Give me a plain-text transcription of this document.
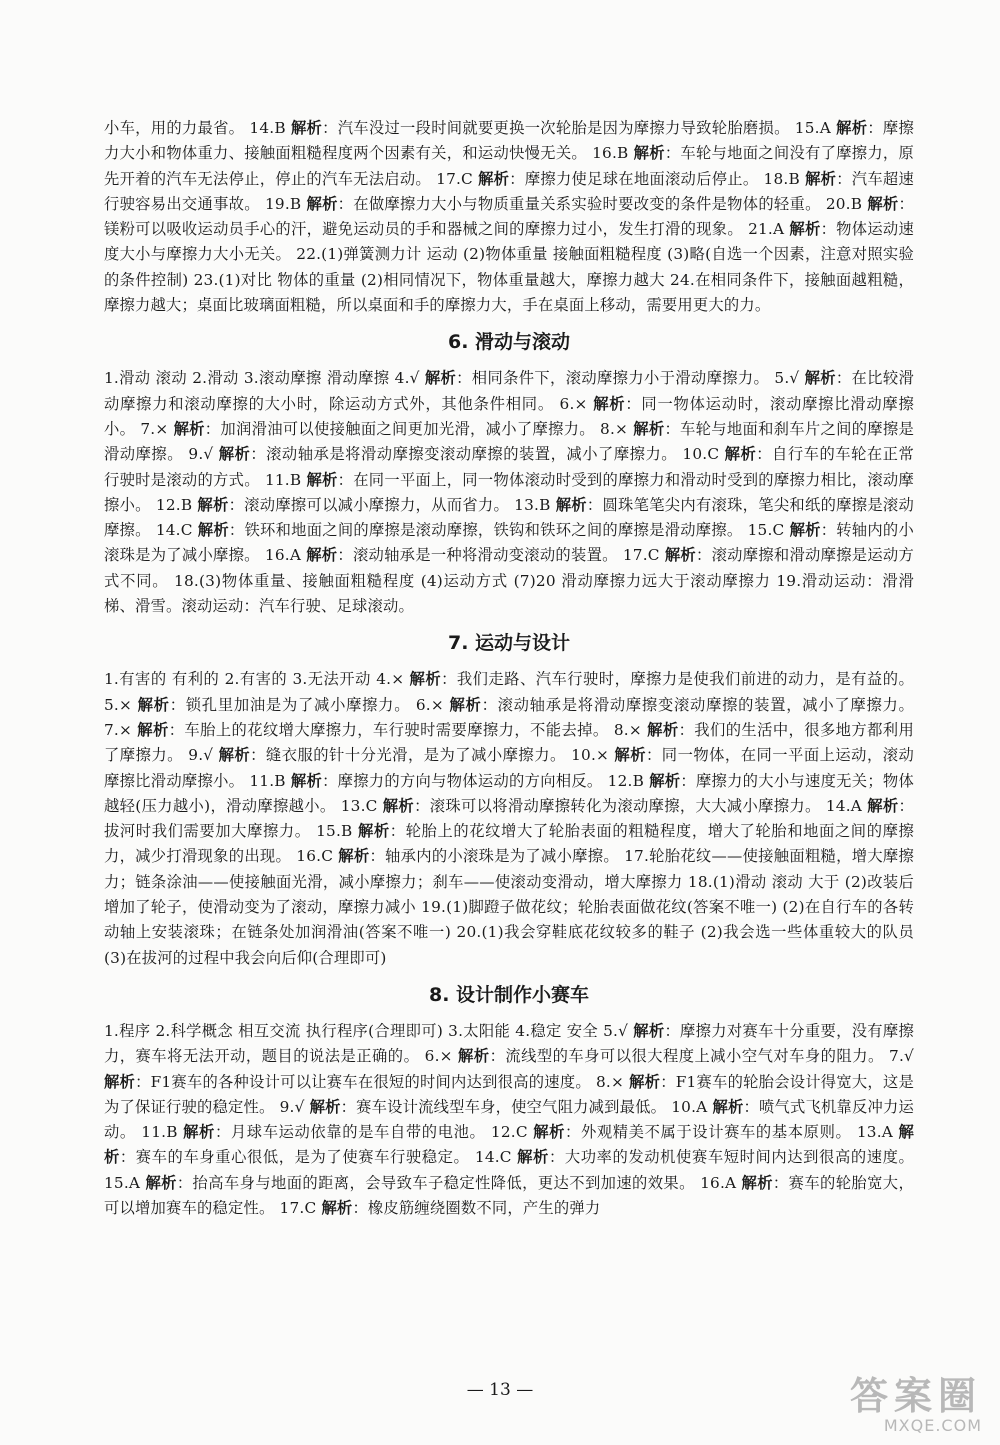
小车，用的力最省。 14.B 解析：汽车没过一段时间就要更换一次轮胎是因为摩擦力导致轮胎磨损。 15.A 解析：摩擦力大小和物体重力、接触面粗糙程度两个因素有关，和运动快慢无关。 16.B 解析：车轮与地面之间没有了摩擦力，原先开着的汽车无法停止，停止的汽车无法启动。 17.C 解析：摩擦力使足球在地面滚动后停止。 18.B 解析：汽车超速行驶容易出交通事故。 19.B 解析：在做摩擦力大小与物质重量关系实验时要改变的条件是物体的轻重。 20.B 解析：镁粉可以吸收运动员手心的汗，避免运动员的手和器械之间的摩擦力过小，发生打滑的现象。 21.A 解析：物体运动速度大小与摩擦力大小无关。 22.(1)弹簧测力计 运动 (2)物体重量 接触面粗糙程度 (3)略(自选一个因素，注意对照实验的条件控制) 23.(1)对比 物体的重量 (2)相同情况下，物体重量越大，摩擦力越大 24.在相同条件下，接触面越粗糙，摩擦力越大；桌面比玻璃面粗糙，所以桌面和手的摩擦力大，手在桌面上移动，需要用更大的力。

6. 滑动与滚动

1.滑动 滚动 2.滑动 3.滚动摩擦 滑动摩擦 4.√ 解析：相同条件下，滚动摩擦力小于滑动摩擦力。 5.√ 解析：在比较滑动摩擦力和滚动摩擦的大小时，除运动方式外，其他条件相同。 6.× 解析：同一物体运动时，滚动摩擦比滑动摩擦小。 7.× 解析：加润滑油可以使接触面之间更加光滑，减小了摩擦力。 8.× 解析：车轮与地面和刹车片之间的摩擦是滑动摩擦。 9.√ 解析：滚动轴承是将滑动摩擦变滚动摩擦的装置，减小了摩擦力。 10.C 解析：自行车的车轮在正常行驶时是滚动的方式。 11.B 解析：在同一平面上，同一物体滚动时受到的摩擦力和滑动时受到的摩擦力相比，滚动摩擦小。 12.B 解析：滚动摩擦可以减小摩擦力，从而省力。 13.B 解析：圆珠笔笔尖内有滚珠，笔尖和纸的摩擦是滚动摩擦。 14.C 解析：铁环和地面之间的摩擦是滚动摩擦，铁钩和铁环之间的摩擦是滑动摩擦。 15.C 解析：转轴内的小滚珠是为了减小摩擦。 16.A 解析：滚动轴承是一种将滑动变滚动的装置。 17.C 解析：滚动摩擦和滑动摩擦是运动方式不同。 18.(3)物体重量、接触面粗糙程度 (4)运动方式 (7)20 滑动摩擦力远大于滚动摩擦力 19.滑动运动：滑滑梯、滑雪。滚动运动：汽车行驶、足球滚动。

7. 运动与设计

1.有害的 有利的 2.有害的 3.无法开动 4.× 解析：我们走路、汽车行驶时，摩擦力是使我们前进的动力，是有益的。 5.× 解析：锁孔里加油是为了减小摩擦力。 6.× 解析：滚动轴承是将滑动摩擦变滚动摩擦的装置，减小了摩擦力。 7.× 解析：车胎上的花纹增大摩擦力，车行驶时需要摩擦力，不能去掉。 8.× 解析：我们的生活中，很多地方都利用了摩擦力。 9.√ 解析：缝衣服的针十分光滑，是为了减小摩擦力。 10.× 解析：同一物体，在同一平面上运动，滚动摩擦比滑动摩擦小。 11.B 解析：摩擦力的方向与物体运动的方向相反。 12.B 解析：摩擦力的大小与速度无关；物体越轻(压力越小)，滑动摩擦越小。 13.C 解析：滚珠可以将滑动摩擦转化为滚动摩擦，大大减小摩擦力。 14.A 解析：拔河时我们需要加大摩擦力。 15.B 解析：轮胎上的花纹增大了轮胎表面的粗糙程度，增大了轮胎和地面之间的摩擦力，减少打滑现象的出现。 16.C 解析：轴承内的小滚珠是为了减小摩擦。 17.轮胎花纹——使接触面粗糙，增大摩擦力；链条涂油——使接触面光滑，减小摩擦力；刹车——使滚动变滑动，增大摩擦力 18.(1)滑动 滚动 大于 (2)改装后增加了轮子，使滑动变为了滚动，摩擦力减小 19.(1)脚蹬子做花纹；轮胎表面做花纹(答案不唯一) (2)在自行车的各转动轴上安装滚珠；在链条处加润滑油(答案不唯一) 20.(1)我会穿鞋底花纹较多的鞋子 (2)我会选一些体重较大的队员 (3)在拔河的过程中我会向后仰(合理即可)

8. 设计制作小赛车

1.程序 2.科学概念 相互交流 执行程序(合理即可) 3.太阳能 4.稳定 安全 5.√ 解析：摩擦力对赛车十分重要，没有摩擦力，赛车将无法开动，题目的说法是正确的。 6.× 解析：流线型的车身可以很大程度上减小空气对车身的阻力。 7.√ 解析：F1赛车的各种设计可以让赛车在很短的时间内达到很高的速度。 8.× 解析：F1赛车的轮胎会设计得宽大，这是为了保证行驶的稳定性。 9.√ 解析：赛车设计流线型车身，使空气阻力减到最低。 10.A 解析：喷气式飞机靠反冲力运动。 11.B 解析：月球车运动依靠的是车自带的电池。 12.C 解析：外观精美不属于设计赛车的基本原则。 13.A 解析：赛车的车身重心很低，是为了使赛车行驶稳定。 14.C 解析：大功率的发动机使赛车短时间内达到很高的速度。 15.A 解析：抬高车身与地面的距离，会导致车子稳定性降低，更达不到加速的效果。 16.A 解析：赛车的轮胎宽大，可以增加赛车的稳定性。 17.C 解析：橡皮筋缠绕圈数不同，产生的弹力

— 13 —	答案圈
MXQE.COM
